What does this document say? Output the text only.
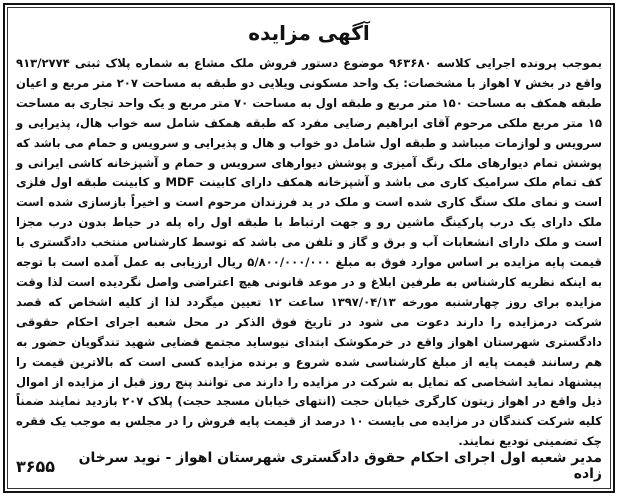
آگهی مزایده
بموجب پرونده اجرایی کلاسه ۹۶۳۶۸۰ موضوع دستور فروش ملک مشاع به شماره پلاک ثبتی ۹۱۳/۲۷۷۴ واقع در بخش ۷ اهواز با مشخصات: یک واحد مسکونی ویلایی دو طبقه به مساحت ۲۰۷ متر مربع و اعیان طبقه همکف به مساحت ۱۵۰ متر مربع و طبقه اول به مساحت ۷۰ متر مربع و یک واحد تجاری به مساحت ۱۵ متر مربع ملکی مرحوم آقای ابراهیم رضایی مفرد که طبقه همکف شامل سه خواب هال، پذیرایی و سرویس و لوازمات میباشد و طبقه اول شامل دو خواب و هال و پذیرایی و سرویس و حمام می باشد که پوشش تمام دیوارهای ملک رنگ آمیزی و پوشش دیوارهای سرویس و حمام و آشپزخانه کاشی ایرانی و کف تمام ملک سرامیک کاری می باشد و آشپزخانه همکف دارای کابینت MDF و کابینت طبقه اول فلزی است و نمای ملک سنگ کاری شده است و ملک در ید فرزندان مرحوم است و اخیراً بازسازی شده است ملک دارای یک درب پارکینگ ماشین رو و جهت ارتباط با طبقه اول راه پله در حیاط بدون درب مجزا است و ملک دارای انشعابات آب و برق و گاز و تلفن می باشد که توسط کارشناس منتخب دادگستری با قیمت پایه مزایده بر اساس موارد فوق به مبلغ ۵/۸۰۰/۰۰۰/۰۰۰ ریال ارزیابی به عمل آمده است با توجه به اینکه نظریه کارشناس به طرفین ابلاغ و در موعد قانونی هیچ اعتراضی واصل نگردیده است لذا وقت مزایده برای روز چهارشنبه مورخه ۱۳۹۷/۰۴/۱۳ ساعت ۱۲ تعیین میگردد لذا از کلیه اشخاص که قصد شرکت درمزایده را دارند دعوت می شود در تاریخ فوق الذکر در محل شعبه اجرای احکام حقوقی دادگستری شهرستان اهواز واقع در خرمکوشک ابتدای نیوساید مجتمع قضایی شهید تندگویان حضور به هم رسانند قیمت پایه از مبلغ کارشناسی شده شروع و برنده مزایده کسی است که بالاترین قیمت را پیشنهاد نماید اشخاصی که تمایل به شرکت در مزایده را دارند می توانند پنج روز قبل از مزایده از اموال ذیل واقع در اهواز زیتون کارگری خیابان حجت (انتهای خیابان مسجد حجت) پلاک ۲۰۷ بازدید نمایند ضمناً کلیه شرکت کنندگان در مزایده می بایست ۱۰ درصد از قیمت پایه فروش را در مجلس به موجب یک فقره چک تضمینی تودیع نمایند.
مدیر شعبه اول اجرای احکام حقوق دادگستری شهرستان اهواز - نوید سرخان زاده
۳۶۵۵
